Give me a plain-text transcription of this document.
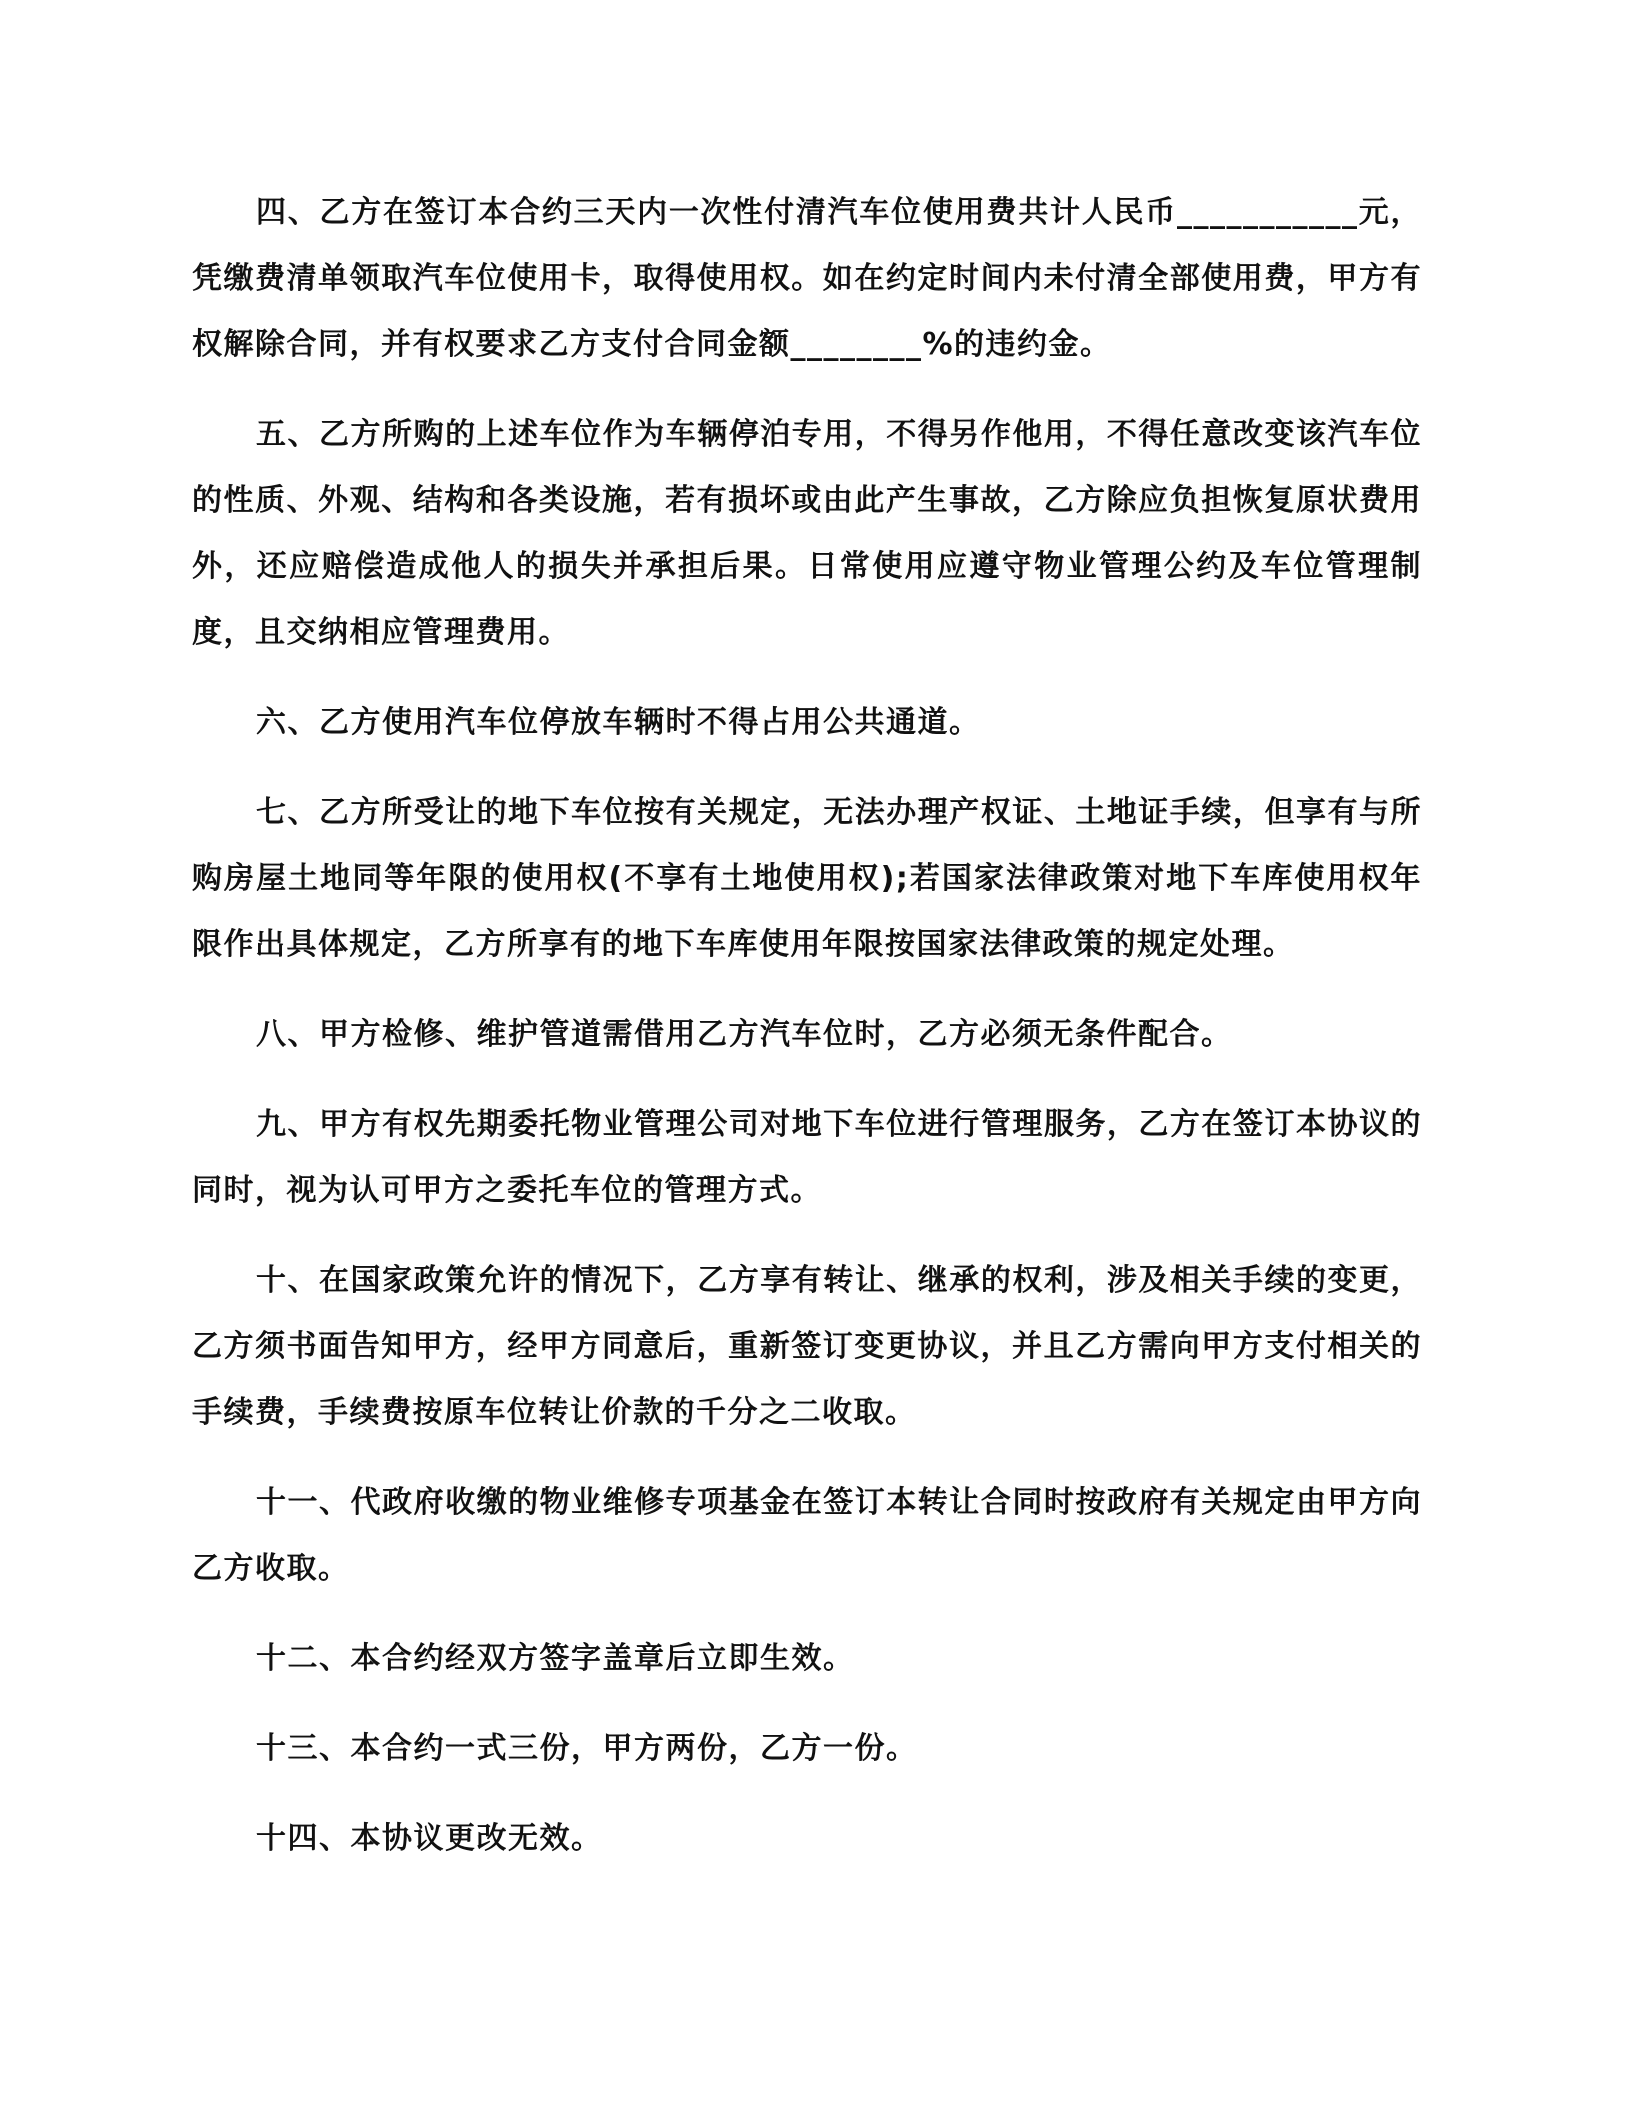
四、乙方在签订本合约三天内一次性付清汽车位使用费共计人民币___________元，凭缴费清单领取汽车位使用卡，取得使用权。如在约定时间内未付清全部使用费，甲方有权解除合同，并有权要求乙方支付合同金额________%的违约金。

五、乙方所购的上述车位作为车辆停泊专用，不得另作他用，不得任意改变该汽车位的性质、外观、结构和各类设施，若有损坏或由此产生事故，乙方除应负担恢复原状费用外，还应赔偿造成他人的损失并承担后果。日常使用应遵守物业管理公约及车位管理制度，且交纳相应管理费用。

六、乙方使用汽车位停放车辆时不得占用公共通道。

七、乙方所受让的地下车位按有关规定，无法办理产权证、土地证手续，但享有与所购房屋土地同等年限的使用权(不享有土地使用权);若国家法律政策对地下车库使用权年限作出具体规定，乙方所享有的地下车库使用年限按国家法律政策的规定处理。

八、甲方检修、维护管道需借用乙方汽车位时，乙方必须无条件配合。

九、甲方有权先期委托物业管理公司对地下车位进行管理服务，乙方在签订本协议的同时，视为认可甲方之委托车位的管理方式。

十、在国家政策允许的情况下，乙方享有转让、继承的权利，涉及相关手续的变更，乙方须书面告知甲方，经甲方同意后，重新签订变更协议，并且乙方需向甲方支付相关的手续费，手续费按原车位转让价款的千分之二收取。

十一、代政府收缴的物业维修专项基金在签订本转让合同时按政府有关规定由甲方向乙方收取。

十二、本合约经双方签字盖章后立即生效。

十三、本合约一式三份，甲方两份，乙方一份。

十四、本协议更改无效。
